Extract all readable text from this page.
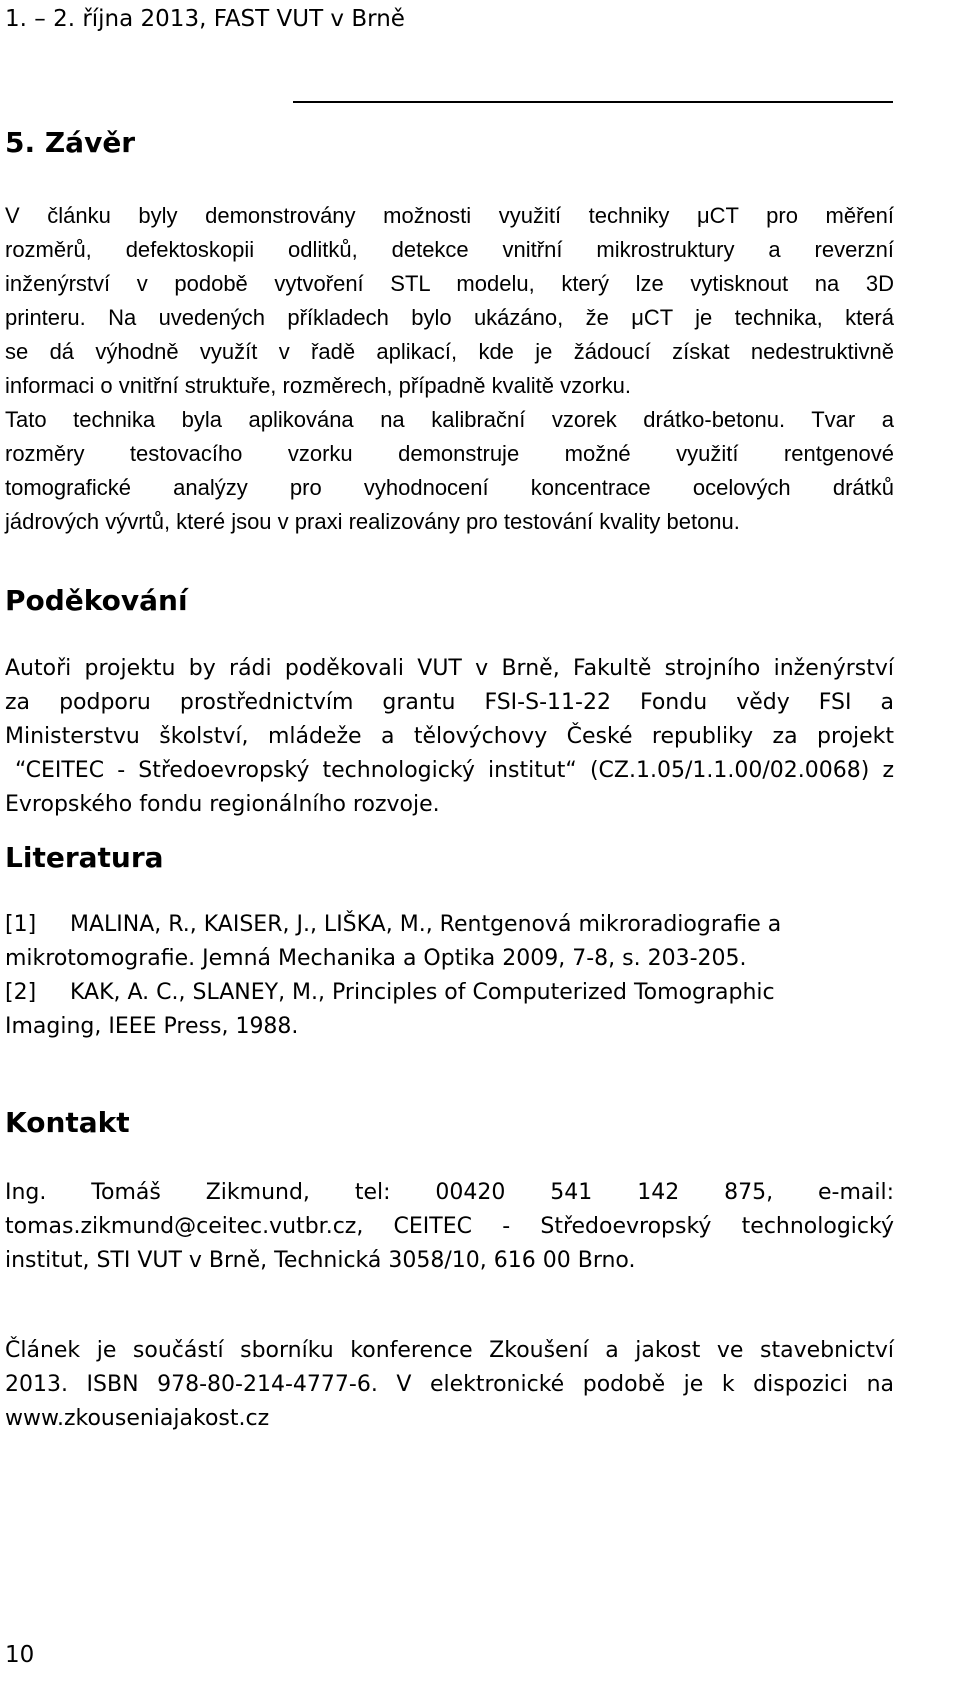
1. – 2. října 2013, FAST VUT v Brně
5. Závěr
V článku byly demonstrovány možnosti využití techniky μCT pro měření
rozměrů, defektoskopii odlitků, detekce vnitřní mikrostruktury a reverzní
inženýrství v podobě vytvoření STL modelu, který lze vytisknout na 3D
printeru. Na uvedených příkladech bylo ukázáno, že μCT je technika, která
se dá výhodně využít v řadě aplikací, kde je žádoucí získat nedestruktivně
informaci o vnitřní struktuře, rozměrech, případně kvalitě vzorku.
Tato technika byla aplikována na kalibrační vzorek drátko-betonu. Tvar a
rozměry testovacího vzorku demonstruje možné využití rentgenové
tomografické analýzy pro vyhodnocení koncentrace ocelových drátků
jádrových vývrtů, které jsou v praxi realizovány pro testování kvality betonu.
Poděkování
Autoři projektu by rádi poděkovali VUT v Brně, Fakultě strojního inženýrství
za podporu prostřednictvím grantu FSI-S-11-22 Fondu vědy FSI a
Ministerstvu školství, mládeže a tělovýchovy České republiky za projekt
“CEITEC - Středoevropský technologický institut“ (CZ.1.05/1.1.00/02.0068) z
Evropského fondu regionálního rozvoje.
Literatura
[1] MALINA, R., KAISER, J., LIŠKA, M., Rentgenová mikroradiografie a
mikrotomografie. Jemná Mechanika a Optika 2009, 7-8, s. 203-205.
[2] KAK, A. C., SLANEY, M., Principles of Computerized Tomographic
Imaging, IEEE Press, 1988.
Kontakt
Ing. Tomáš Zikmund, tel: 00420 541 142 875, e-mail:
tomas.zikmund@ceitec.vutbr.cz, CEITEC - Středoevropský technologický
institut, STI VUT v Brně, Technická 3058/10, 616 00 Brno.
Článek je součástí sborníku konference Zkoušení a jakost ve stavebnictví
2013. ISBN 978-80-214-4777-6. V elektronické podobě je k dispozici na
www.zkouseniajakost.cz
10
